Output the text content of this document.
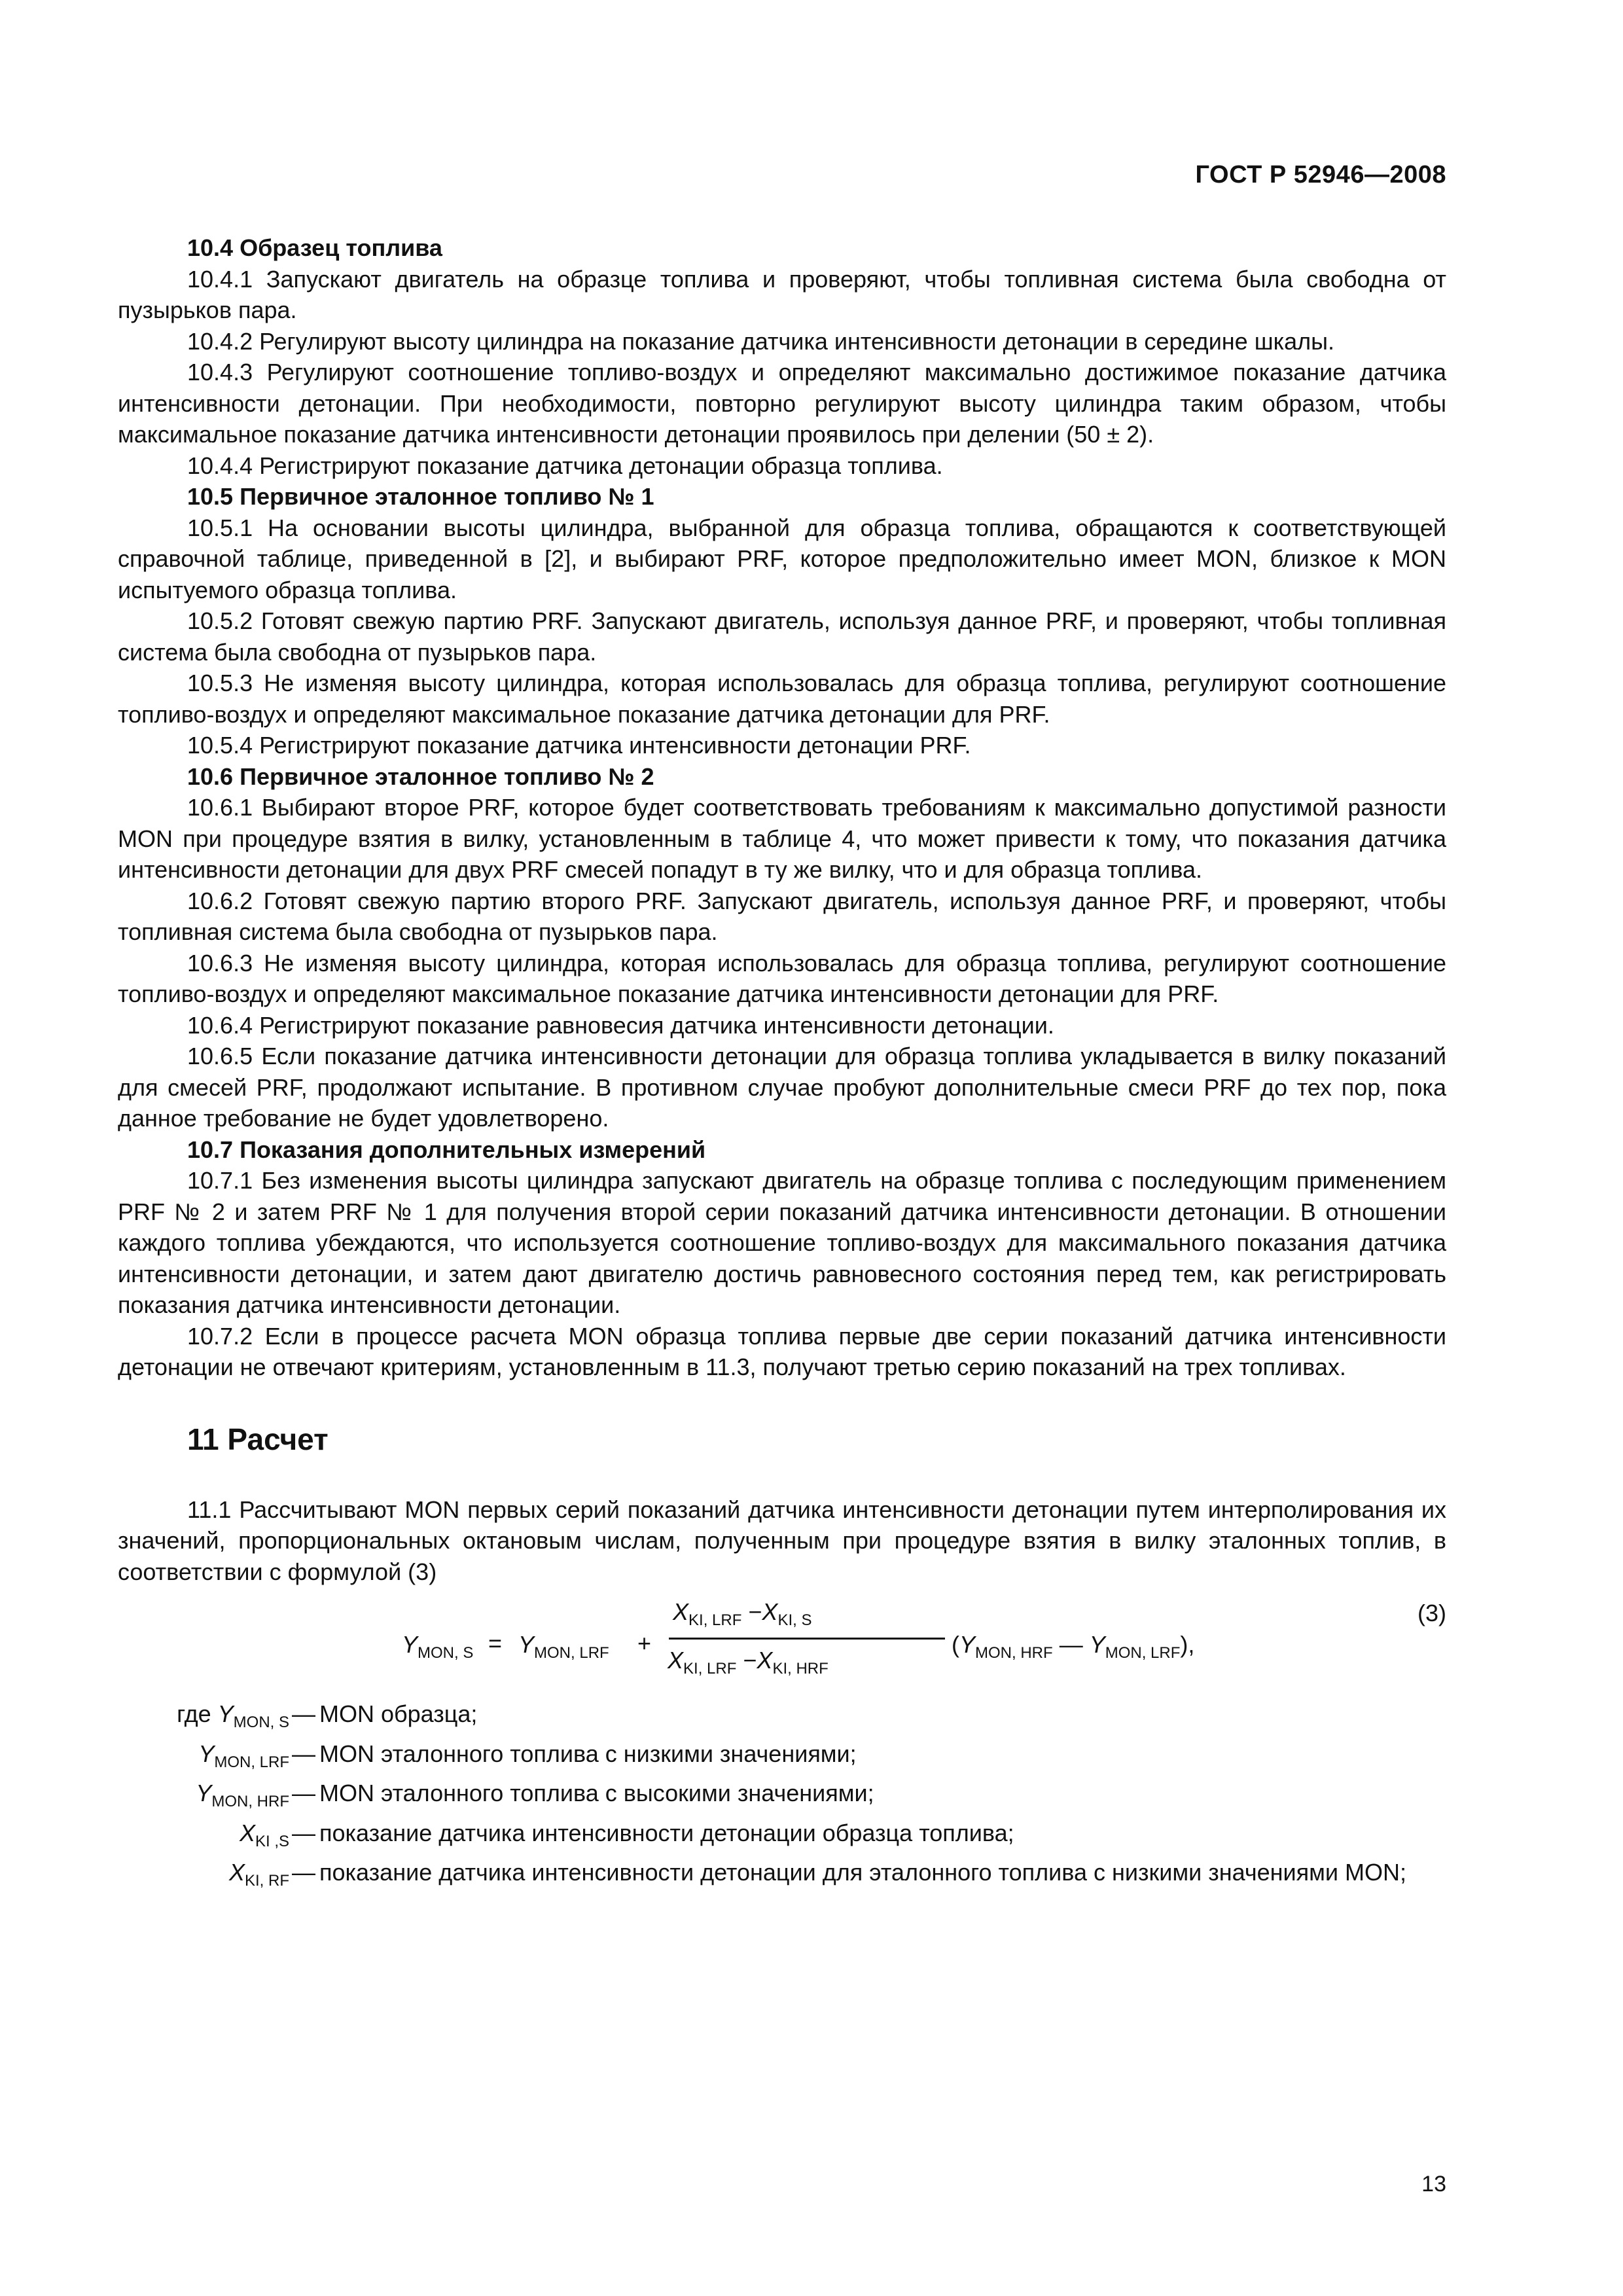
ГОСТ Р 52946—2008
10.4 Образец топлива

10.4.1 Запускают двигатель на образце топлива и проверяют, чтобы топливная система была свободна от пузырьков пара.

10.4.2 Регулируют высоту цилиндра на показание датчика интенсивности детонации в середине шкалы.

10.4.3 Регулируют соотношение топливо-воздух и определяют максимально достижимое показание датчика интенсивности детонации. При необходимости, повторно регулируют высоту цилиндра таким образом, чтобы максимальное показание датчика интенсивности детонации проявилось при делении (50 ± 2).

10.4.4 Регистрируют показание датчика детонации образца топлива.

10.5 Первичное эталонное топливо № 1

10.5.1 На основании высоты цилиндра, выбранной для образца топлива, обращаются к соответствующей справочной таблице, приведенной в [2], и выбирают PRF, которое предположительно имеет MON, близкое к MON испытуемого образца топлива.

10.5.2 Готовят свежую партию PRF. Запускают двигатель, используя данное PRF, и проверяют, чтобы топливная система была свободна от пузырьков пара.

10.5.3 Не изменяя высоту цилиндра, которая использовалась для образца топлива, регулируют соотношение топливо-воздух и определяют максимальное показание датчика детонации для PRF.

10.5.4 Регистрируют показание датчика интенсивности детонации PRF.

10.6 Первичное эталонное топливо № 2

10.6.1 Выбирают второе PRF, которое будет соответствовать требованиям к максимально допустимой разности MON при процедуре взятия в вилку, установленным в таблице 4, что может привести к тому, что показания датчика интенсивности детонации для двух PRF смесей попадут в ту же вилку, что и для образца топлива.

10.6.2 Готовят свежую партию второго PRF. Запускают двигатель, используя данное PRF, и проверяют, чтобы топливная система была свободна от пузырьков пара.

10.6.3 Не изменяя высоту цилиндра, которая использовалась для образца топлива, регулируют соотношение топливо-воздух и определяют максимальное показание датчика интенсивности детонации для PRF.

10.6.4 Регистрируют показание равновесия датчика интенсивности детонации.

10.6.5 Если показание датчика интенсивности детонации для образца топлива укладывается в вилку показаний для смесей PRF, продолжают испытание. В противном случае пробуют дополнительные смеси PRF до тех пор, пока данное требование не будет удовлетворено.

10.7 Показания дополнительных измерений

10.7.1 Без изменения высоты цилиндра запускают двигатель на образце топлива с последующим применением PRF № 2 и затем PRF № 1 для получения второй серии показаний датчика интенсивности детонации. В отношении каждого топлива убеждаются, что используется соотношение топливо-воздух для максимального показания датчика интенсивности детонации, и затем дают двигателю достичь равновесного состояния перед тем, как регистрировать показания датчика интенсивности детонации.

10.7.2 Если в процессе расчета MON образца топлива первые две серии показаний датчика интенсивности детонации не отвечают критериям, установленным в 11.3, получают третью серию показаний на трех топливах.

11 Расчет

11.1 Рассчитывают MON первых серий показаний датчика интенсивности детонации путем интерполирования их значений, пропорциональных октановым числам, полученным при процедуре взятия в вилку эталонных топлив, в соответствии с формулой (3)

$Y_{MON, S} = Y_{MON, LRF}$ +
$X_{KI, LRF} -X_{KI, S}$
$X_{KI, LRF} -X_{KI, HRF}$
($Y_{MON, HRF}$ — $Y_{MON, LRF}$),
(3)
где $Y_{MON, S}$ — MON образца;
$Y_{MON, LRF}$ — MON эталонного топлива с низкими значениями;
$Y_{MON, HRF}$ — MON эталонного топлива с высокими значениями;
$X_{KI ,S}$ — показание датчика интенсивности детонации образца топлива;
$X_{KI, RF}$ — показание датчика интенсивности детонации для эталонного топлива с низкими значениями MON;
13
